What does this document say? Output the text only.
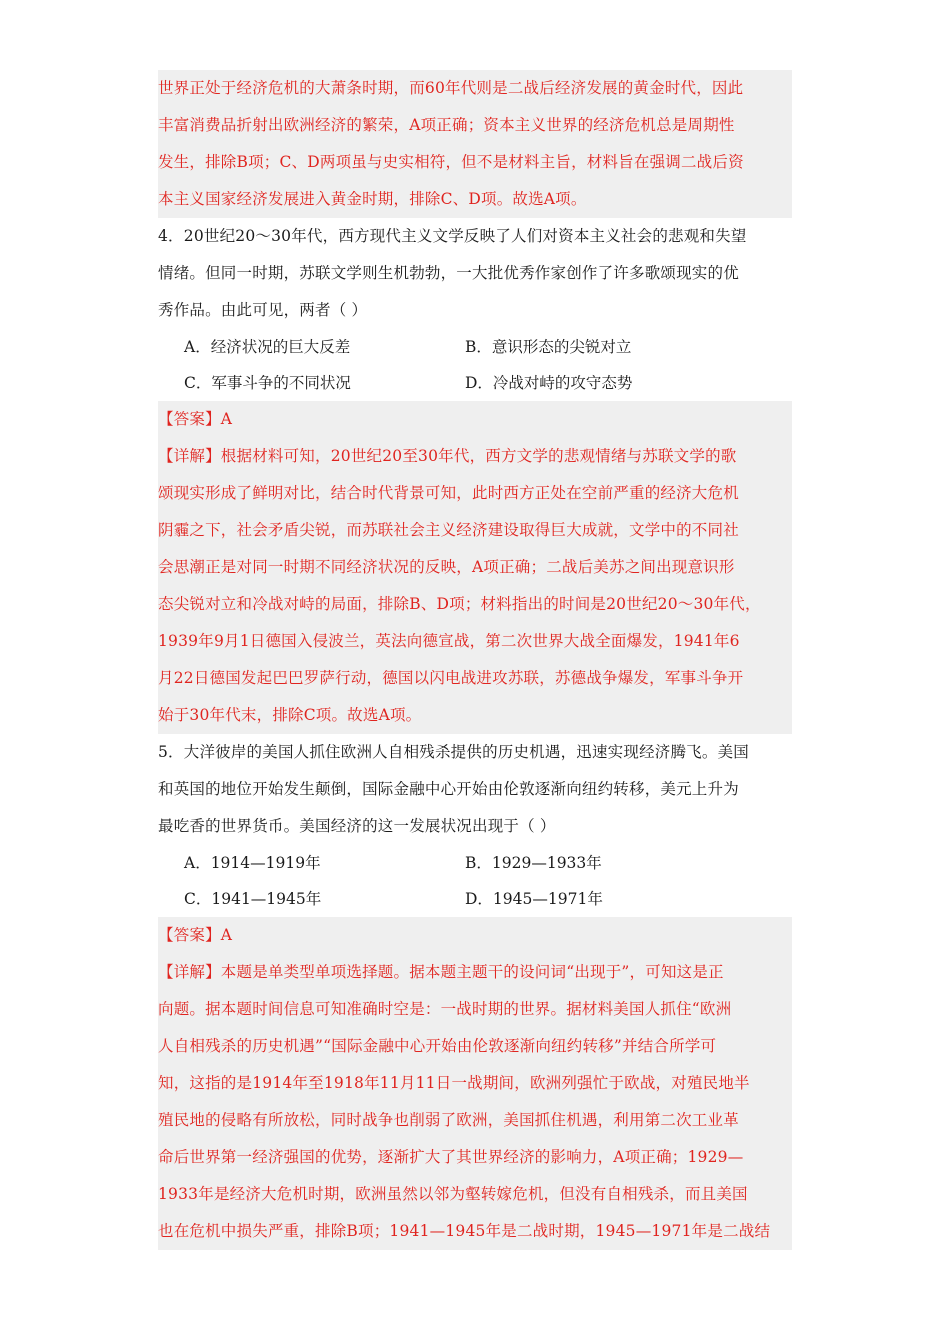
世界正处于经济危机的大萧条时期，而60年代则是二战后经济发展的黄金时代，因此
丰富消费品折射出欧洲经济的繁荣，A项正确；资本主义世界的经济危机总是周期性
发生，排除B项；C、D两项虽与史实相符，但不是材料主旨，材料旨在强调二战后资
本主义国家经济发展进入黄金时期，排除C、D项。故选A项。
4．20世纪20～30年代，西方现代主义文学反映了人们对资本主义社会的悲观和失望
情绪。但同一时期，苏联文学则生机勃勃，一大批优秀作家创作了许多歌颂现实的优
秀作品。由此可见，两者（ ）
A．经济状况的巨大反差	B．意识形态的尖锐对立
C．军事斗争的不同状况	D．冷战对峙的攻守态势
【答案】A
【详解】根据材料可知，20世纪20至30年代，西方文学的悲观情绪与苏联文学的歌
颂现实形成了鲜明对比，结合时代背景可知，此时西方正处在空前严重的经济大危机
阴霾之下，社会矛盾尖锐，而苏联社会主义经济建设取得巨大成就，文学中的不同社
会思潮正是对同一时期不同经济状况的反映，A项正确；二战后美苏之间出现意识形
态尖锐对立和冷战对峙的局面，排除B、D项；材料指出的时间是20世纪20～30年代，
1939年9月1日德国入侵波兰，英法向德宣战，第二次世界大战全面爆发，1941年6
月22日德国发起巴巴罗萨行动，德国以闪电战进攻苏联，苏德战争爆发，军事斗争开
始于30年代末，排除C项。故选A项。
5．大洋彼岸的美国人抓住欧洲人自相残杀提供的历史机遇，迅速实现经济腾飞。美国
和英国的地位开始发生颠倒，国际金融中心开始由伦敦逐渐向纽约转移，美元上升为
最吃香的世界货币。美国经济的这一发展状况出现于（ ）
A．1914—1919年	B．1929—1933年
C．1941—1945年	D．1945—1971年
【答案】A
【详解】本题是单类型单项选择题。据本题主题干的设问词“出现于”，可知这是正
向题。据本题时间信息可知准确时空是：一战时期的世界。据材料美国人抓住“欧洲
人自相残杀的历史机遇”“国际金融中心开始由伦敦逐渐向纽约转移”并结合所学可
知，这指的是1914年至1918年11月11日一战期间，欧洲列强忙于欧战，对殖民地半
殖民地的侵略有所放松，同时战争也削弱了欧洲，美国抓住机遇，利用第二次工业革
命后世界第一经济强国的优势，逐渐扩大了其世界经济的影响力，A项正确；1929—
1933年是经济大危机时期，欧洲虽然以邻为壑转嫁危机，但没有自相残杀，而且美国
也在危机中损失严重，排除B项；1941—1945年是二战时期，1945—1971年是二战结
